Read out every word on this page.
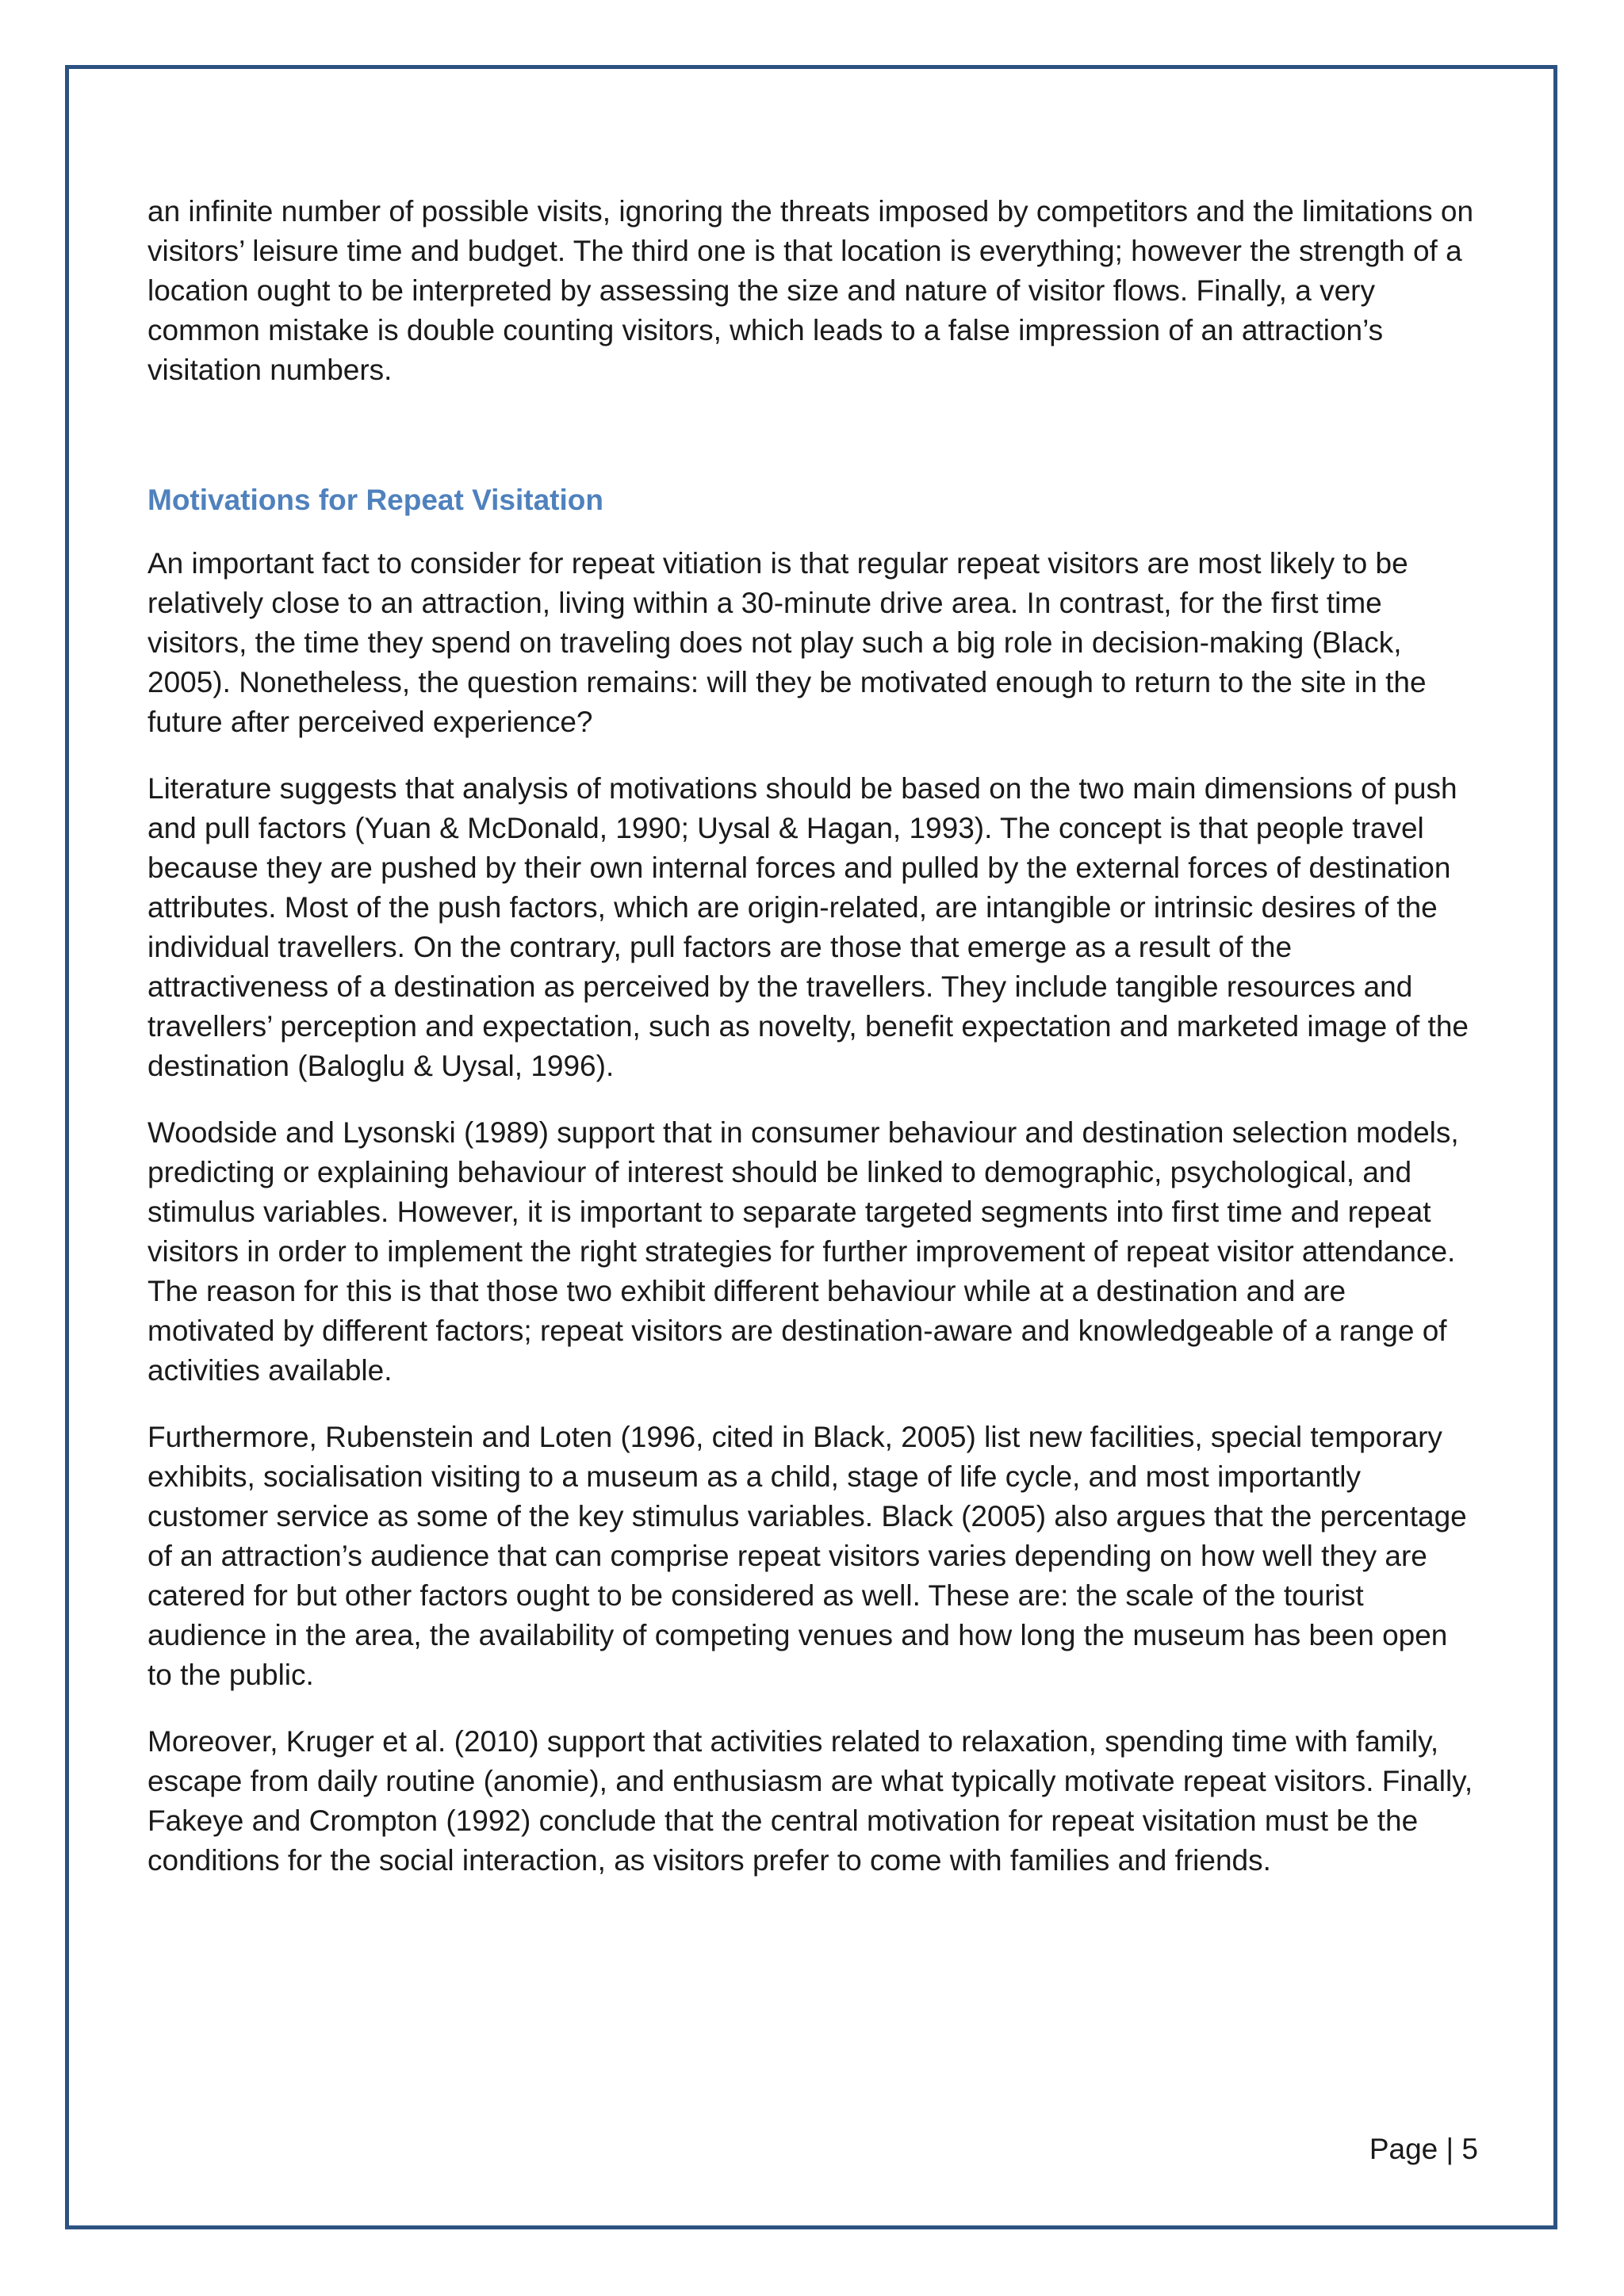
an infinite number of possible visits, ignoring the threats imposed by competitors and the limitations on visitors’ leisure time and budget. The third one is that location is everything; however the strength of a location ought to be interpreted by assessing the size and nature of visitor flows. Finally, a very common mistake is double counting visitors, which leads to a false impression of an attraction’s visitation numbers.

Motivations for Repeat Visitation

An important fact to consider for repeat vitiation is that regular repeat visitors are most likely to be relatively close to an attraction, living within a 30-minute drive area. In contrast, for the first time visitors, the time they spend on traveling does not play such a big role in decision-making (Black, 2005). Nonetheless, the question remains: will they be motivated enough to return to the site in the future after perceived experience?

Literature suggests that analysis of motivations should be based on the two main dimensions of push and pull factors (Yuan & McDonald, 1990; Uysal & Hagan, 1993). The concept is that people travel because they are pushed by their own internal forces and pulled by the external forces of destination attributes. Most of the push factors, which are origin-related, are intangible or intrinsic desires of the individual travellers. On the contrary, pull factors are those that emerge as a result of the attractiveness of a destination as perceived by the travellers. They include tangible resources and travellers’ perception and expectation, such as novelty, benefit expectation and marketed image of the destination (Baloglu & Uysal, 1996).

Woodside and Lysonski (1989) support that in consumer behaviour and destination selection models, predicting or explaining behaviour of interest should be linked to demographic, psychological, and stimulus variables. However, it is important to separate targeted segments into first time and repeat visitors in order to implement the right strategies for further improvement of repeat visitor attendance. The reason for this is that those two exhibit different behaviour while at a destination and are motivated by different factors; repeat visitors are destination-aware and knowledgeable of a range of activities available.

Furthermore, Rubenstein and Loten (1996, cited in Black, 2005) list new facilities, special temporary exhibits, socialisation visiting to a museum as a child, stage of life cycle, and most importantly customer service as some of the key stimulus variables. Black (2005) also argues that the percentage of an attraction’s audience that can comprise repeat visitors varies depending on how well they are catered for but other factors ought to be considered as well. These are: the scale of the tourist audience in the area, the availability of competing venues and how long the museum has been open to the public.

Moreover, Kruger et al. (2010) support that activities related to relaxation, spending time with family, escape from daily routine (anomie), and enthusiasm are what typically motivate repeat visitors. Finally, Fakeye and Crompton (1992) conclude that the central motivation for repeat visitation must be the conditions for the social interaction, as visitors prefer to come with families and friends.

Page | 5
